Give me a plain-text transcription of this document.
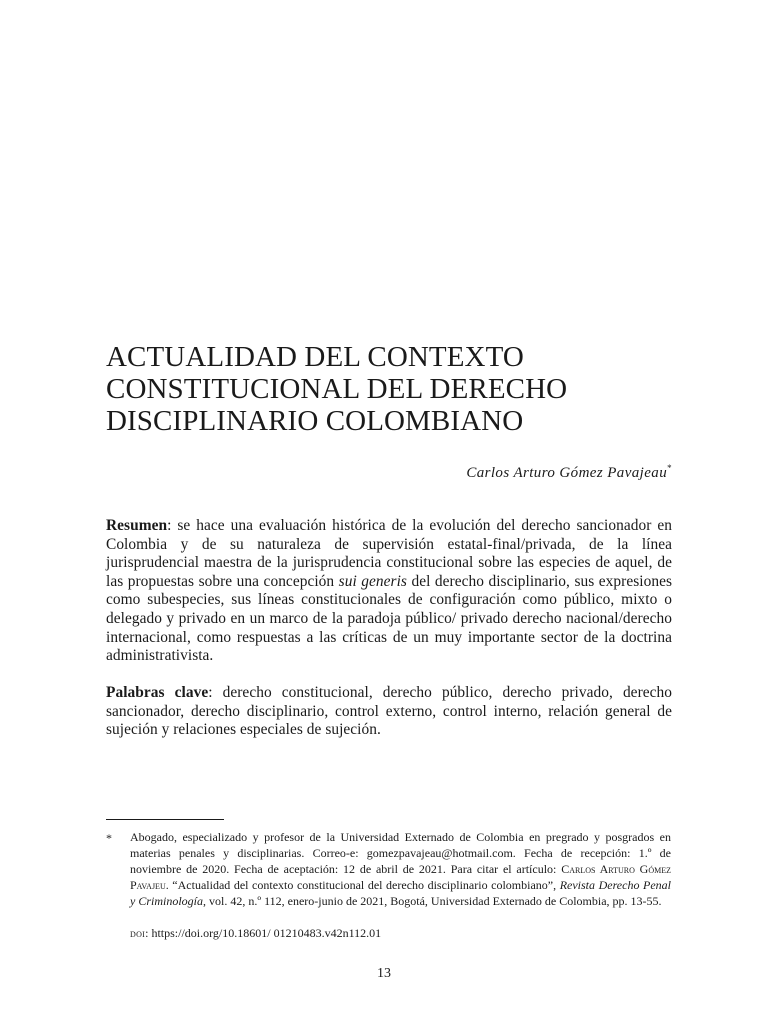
ACTUALIDAD DEL CONTEXTO
CONSTITUCIONAL DEL DERECHO
DISCIPLINARIO COLOMBIANO
Carlos Arturo Gómez Pavajeau*

Resumen: se hace una evaluación histórica de la evolución del derecho sancionador en Colombia y de su naturaleza de supervisión estatal-final/privada, de la línea jurisprudencial maestra de la jurisprudencia constitucional sobre las especies de aquel, de las propuestas sobre una concepción sui generis del derecho disciplinario, sus expresiones como subespecies, sus líneas constitucionales de configuración como público, mixto o delegado y privado en un marco de la paradoja público/ privado derecho nacional/derecho internacional, como respuestas a las críticas de un muy importante sector de la doctrina administrativista.

Palabras clave: derecho constitucional, derecho público, derecho privado, derecho sancionador, derecho disciplinario, control externo, control interno, relación general de sujeción y relaciones especiales de sujeción.

* Abogado, especializado y profesor de la Universidad Externado de Colombia en pregrado y posgrados en materias penales y disciplinarias. Correo-e: gomezpavajeau@hotmail.com. Fecha de recepción: 1.º de noviembre de 2020. Fecha de aceptación: 12 de abril de 2021. Para citar el artículo: Carlos Arturo Gómez Pavajeu. “Actualidad del contexto constitucional del derecho disciplinario colombiano”, Revista Derecho Penal y Criminología, vol. 42, n.º 112, enero-junio de 2021, Bogotá, Universidad Externado de Colombia, pp. 13-55.

doi: https://doi.org/10.18601/ 01210483.v42n112.01
13
